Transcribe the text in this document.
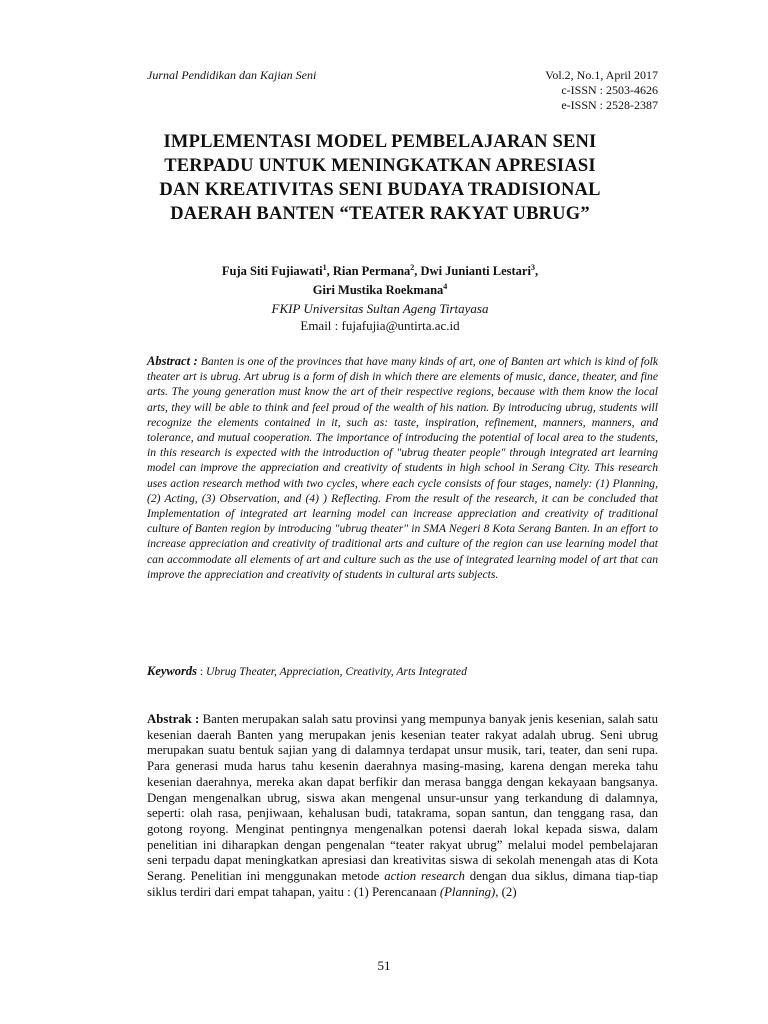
Jurnal Pendidikan dan Kajian Seni	Vol.2, No.1, April 2017
c-ISSN : 2503-4626
e-ISSN : 2528-2387
IMPLEMENTASI MODEL PEMBELAJARAN SENI
TERPADU UNTUK MENINGKATKAN APRESIASI
DAN KREATIVITAS SENI BUDAYA TRADISIONAL
DAERAH BANTEN “TEATER RAKYAT UBRUG”
Fuja Siti Fujiawati$^1$, Rian Permana$^2$, Dwi Junianti Lestari$^3$,
Giri Mustika Roekmana$^4$
FKIP Universitas Sultan Ageng Tirtayasa
Email : fujafujia@untirta.ac.id
Abstract : Banten is one of the provinces that have many kinds of art, one of Banten art which is kind of folk theater art is ubrug. Art ubrug is a form of dish in which there are elements of music, dance, theater, and fine arts. The young generation must know the art of their respective regions, because with them know the local arts, they will be able to think and feel proud of the wealth of his nation. By introducing ubrug, students will recognize the elements contained in it, such as: taste, inspiration, refinement, manners, manners, and tolerance, and mutual cooperation. The importance of introducing the potential of local area to the students, in this research is expected with the introduction of "ubrug theater people" through integrated art learning model can improve the appreciation and creativity of students in high school in Serang City. This research uses action research method with two cycles, where each cycle consists of four stages, namely: (1) Planning, (2) Acting, (3) Observation, and (4) ) Reflecting. From the result of the research, it can be concluded that Implementation of integrated art learning model can increase appreciation and creativity of traditional culture of Banten region by introducing "ubrug theater" in SMA Negeri 8 Kota Serang Banten. In an effort to increase appreciation and creativity of traditional arts and culture of the region can use learning model that can accommodate all elements of art and culture such as the use of integrated learning model of art that can improve the appreciation and creativity of students in cultural arts subjects.
Keywords : Ubrug Theater, Appreciation, Creativity, Arts Integrated
Abstrak : Banten merupakan salah satu provinsi yang mempunya banyak jenis kesenian, salah satu kesenian daerah Banten yang merupakan jenis kesenian teater rakyat adalah ubrug. Seni ubrug merupakan suatu bentuk sajian yang di dalamnya terdapat unsur musik, tari, teater, dan seni rupa. Para generasi muda harus tahu kesenin daerahnya masing-masing, karena dengan mereka tahu kesenian daerahnya, mereka akan dapat berfikir dan merasa bangga dengan kekayaan bangsanya. Dengan mengenalkan ubrug, siswa akan mengenal unsur-unsur yang terkandung di dalamnya, seperti: olah rasa, penjiwaan, kehalusan budi, tatakrama, sopan santun, dan tenggang rasa, dan gotong royong. Menginat pentingnya mengenalkan potensi daerah lokal kepada siswa, dalam penelitian ini diharapkan dengan pengenalan “teater rakyat ubrug” melalui model pembelajaran seni terpadu dapat meningkatkan apresiasi dan kreativitas siswa di sekolah menengah atas di Kota Serang. Penelitian ini menggunakan metode action research dengan dua siklus, dimana tiap-tiap siklus terdiri dari empat tahapan, yaitu : (1) Perencanaan (Planning), (2)
51
